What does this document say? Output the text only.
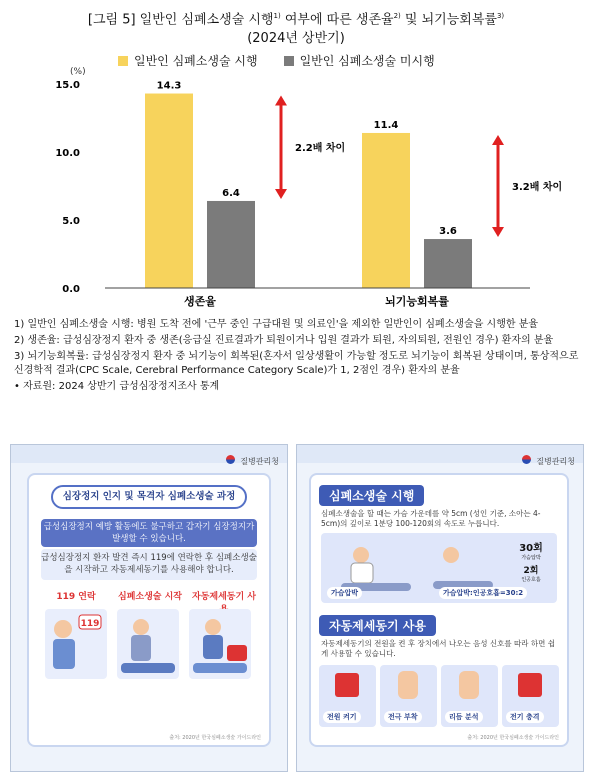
[그림 5] 일반인 심폐소생술 시행$^{1)}$ 여부에 따른 생존율$^{2)}$ 및 뇌기능회복률$^{3)}$
(2024년 상반기)
일반인 심폐소생술 시행	일반인 심폐소생술 미시행
(%)
15.0
10.0
5.0
0.0
14.3
6.4
11.4
3.6
생존율	뇌기능회복률
2.2배 차이
3.2배 차이

1) 일반인 심폐소생술 시행: 병원 도착 전에 '근무 중인 구급대원 및 의료인'을 제외한 일반인이 심폐소생술을 시행한 분율

2) 생존율: 급성심장정지 환자 중 생존(응급실 진료결과가 퇴원이거나 입원 결과가 퇴원, 자의퇴원, 전원인 경우) 환자의 분율

3) 뇌기능회복률: 급성심장정지 환자 중 뇌기능이 회복된(혼자서 일상생활이 가능할 정도로 뇌기능이 회복된 상태이며, 통상적으로 신경학적 결과(CPC Scale, Cerebral Performance Category Scale)가 1, 2점인 경우) 환자의 분율

• 자료원: 2024 상반기 급성심장정지조사 통계

질병관리청
심장정지 인지 및 목격자 심폐소생술 과정
급성심장정지 예방 활동에도 불구하고 갑자기 심장정지가 발생할 수 있습니다.
급성심장정지 환자 발견 즉시 119에 연락한 후 심폐소생술을 시작하고 자동제세동기를 사용해야 합니다.
119 연락	심폐소생술 시작	자동제세동기 사
119
출처: 2020년 한국심폐소생술 가이드라인
질병관리청
심폐소생술 시행
심폐소생술을 할 때는 가슴 가운데를 약 5cm (성인 기준, 소아는 4-5cm)의 깊이로 1분당 100-120회의 속도로 누릅니다.
30회
가슴압박
2회
인공호흡
가슴압박	가슴압박:인공호흡=30:2
자동제세동기 사용
자동제세동기의 전원을 켠 후 장치에서 나오는 음성 신호를 따라 하면 쉽게 사용할 수 있습니다.
전원 켜기	전극 부착	리듬 분석	전기 충격
출처: 2020년 한국심폐소생술 가이드라인
